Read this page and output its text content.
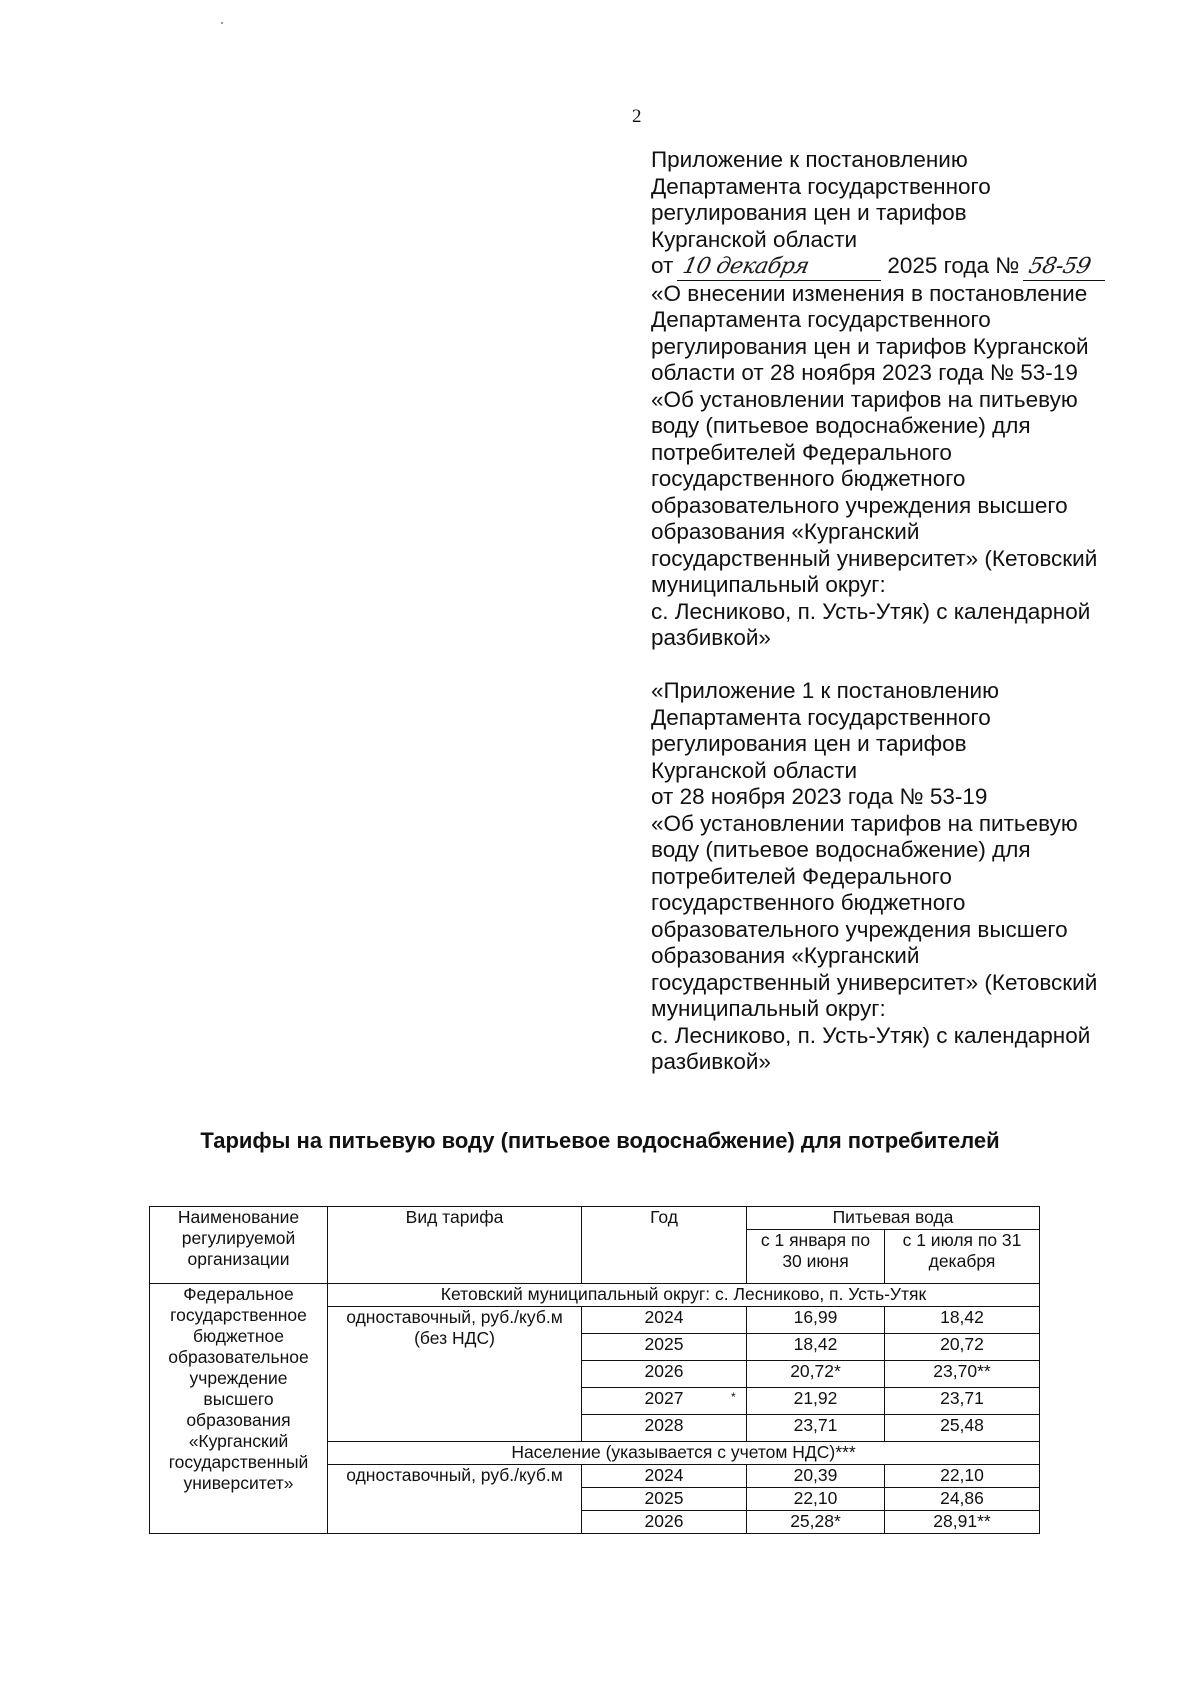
2
Приложение к постановлению
Департамента государственного
регулирования цен и тарифов
Курганской области
от 10 декабря	2025 года № 58-59
«О внесении изменения в постановление
Департамента государственного
регулирования цен и тарифов Курганской
области от 28 ноября 2023 года № 53-19
«Об установлении тарифов на питьевую
воду (питьевое водоснабжение) для
потребителей Федерального
государственного бюджетного
образовательного учреждения высшего
образования «Курганский
государственный университет» (Кетовский
муниципальный округ:
с. Лесниково, п. Усть-Утяк) с календарной
разбивкой»
«Приложение 1 к постановлению
Департамента государственного
регулирования цен и тарифов
Курганской области
от 28 ноября 2023 года № 53-19
«Об установлении тарифов на питьевую
воду (питьевое водоснабжение) для
потребителей Федерального
государственного бюджетного
образовательного учреждения высшего
образования «Курганский
государственный университет» (Кетовский
муниципальный округ:
с. Лесниково, п. Усть-Утяк) с календарной
разбивкой»
Тарифы на питьевую воду (питьевое водоснабжение) для потребителей
Наименование регулируемой организации	Вид тарифа	Год	Питьевая вода	
			с 1 января по 30 июня	с 1 июля по 31 декабря
Федеральное государственное бюджетное образовательное учреждение высшего образования «Курганский государственный университет»	Кетовский муниципальный округ: с. Лесниково, п. Усть-Утяк			
	одноставочный, руб./куб.м (без НДС)	2024	16,99	18,42
		2025	18,42	20,72
		2026	20,72*	23,70**
		2027	21,92	23,71
		2028	23,71	25,48
	Население (указывается с учетом НДС)***			
	одноставочный, руб./куб.м	2024	20,39	22,10
		2025	22,10	24,86
		2026	25,28*	28,91**
*
